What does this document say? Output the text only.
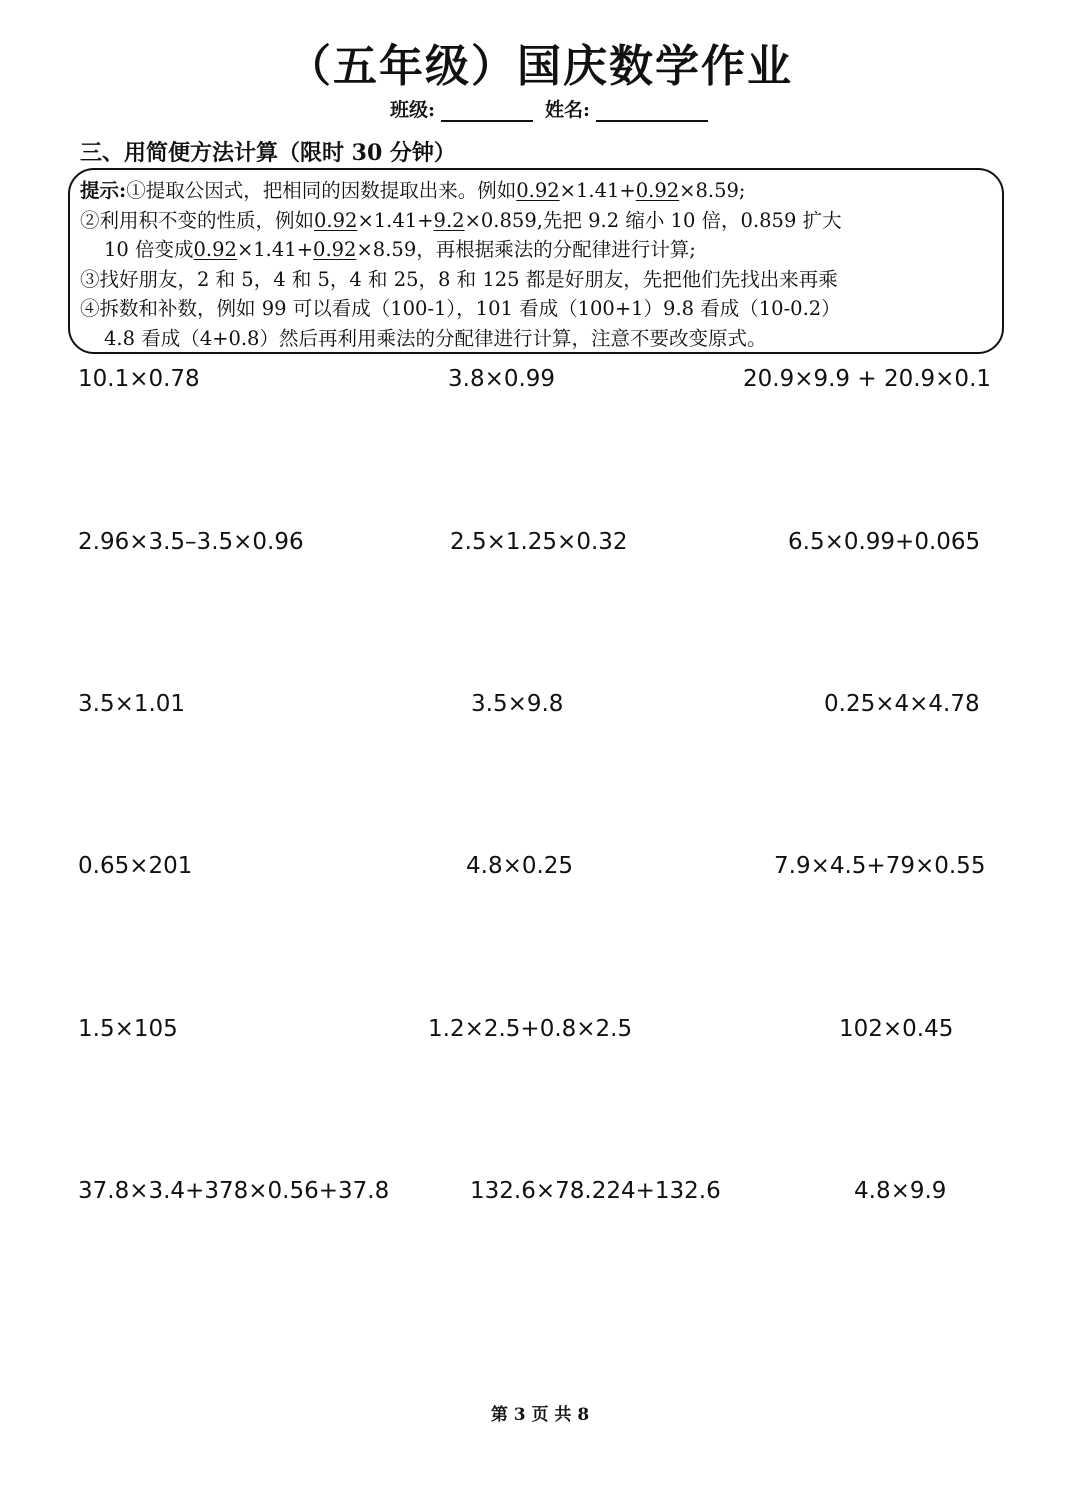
（五年级）国庆数学作业
班级:	姓名:
三、用简便方法计算（限时 30 分钟）
提示:①提取公因式，把相同的因数提取出来。例如0.92×1.41+0.92×8.59;
②利用积不变的性质，例如0.92×1.41+9.2×0.859,先把 9.2 缩小 10 倍，0.859 扩大
10 倍变成0.92×1.41+0.92×8.59，再根据乘法的分配律进行计算;
③找好朋友，2 和 5，4 和 5，4 和 25，8 和 125 都是好朋友，先把他们先找出来再乘
④拆数和补数，例如 99 可以看成（100-1），101 看成（100+1）9.8 看成（10-0.2）
4.8 看成（4+0.8）然后再利用乘法的分配律进行计算，注意不要改变原式。
10.1×0.78	3.8×0.99	20.9×9.9 + 20.9×0.1
2.96×3.5–3.5×0.96	2.5×1.25×0.32	6.5×0.99+0.065
3.5×1.01	3.5×9.8	0.25×4×4.78
0.65×201	4.8×0.25	7.9×4.5+79×0.55
1.5×105	1.2×2.5+0.8×2.5	102×0.45
37.8×3.4+378×0.56+37.8	132.6×78.224+132.6	4.8×9.9
第 3 页 共 8
